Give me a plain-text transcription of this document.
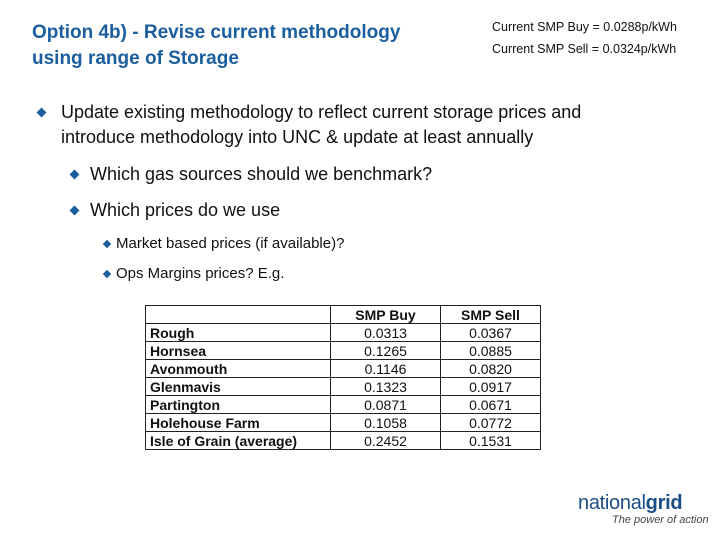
Option 4b) - Revise current methodology
using range of Storage
Current SMP Buy = 0.0288p/kWh
Current SMP Sell = 0.0324p/kWh
Update existing methodology to reflect current storage prices and
introduce methodology into UNC & update at least annually
Which gas sources should we benchmark?
Which prices do we use
Market based prices (if available)?
Ops Margins prices? E.g.
	SMP Buy	SMP Sell
Rough	0.0313	0.0367
Hornsea	0.1265	0.0885
Avonmouth	0.1146	0.0820
Glenmavis	0.1323	0.0917
Partington	0.0871	0.0671
Holehouse Farm	0.1058	0.0772
Isle of Grain (average)	0.2452	0.1531
nationalgrid
The power of action
